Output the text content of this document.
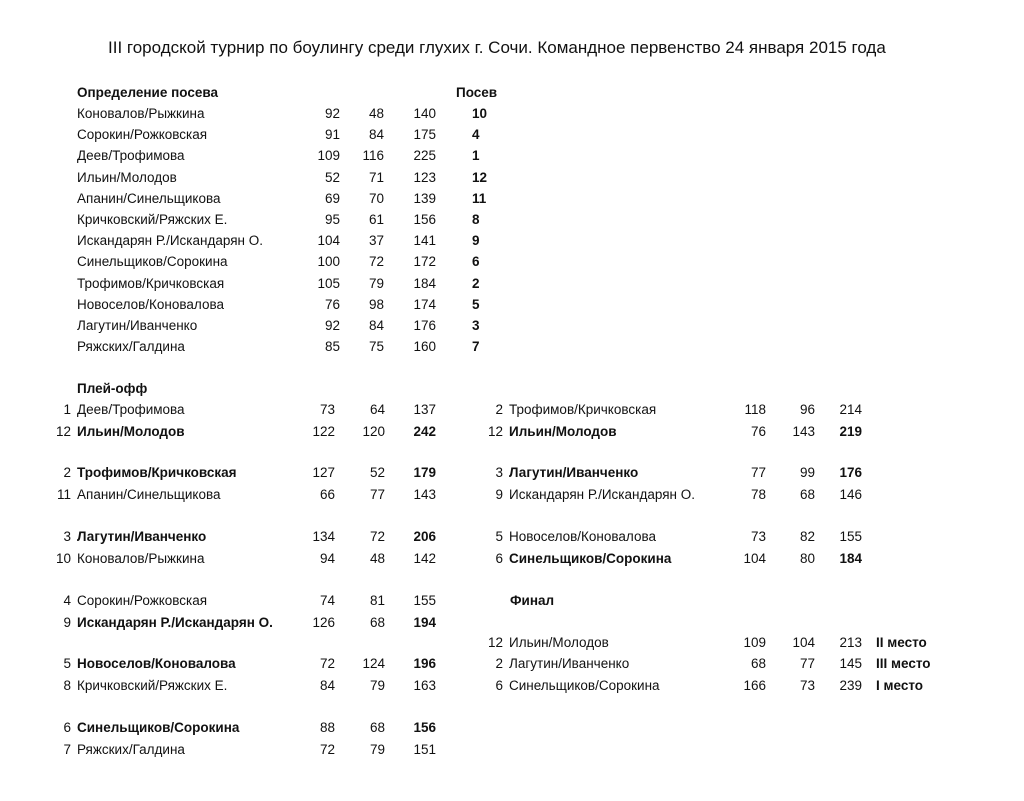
III городской турнир по боулингу среди глухих г. Сочи. Командное первенство 24 января 2015 года
Определение посева	Посев
Коновалов/Рыжкина	92	48	140	10
Сорокин/Рожковская	91	84	175	4
Деев/Трофимова	109	116	225	1
Ильин/Молодов	52	71	123	12
Апанин/Синельщикова	69	70	139	11
Кричковский/Ряжских Е.	95	61	156	8
Искандарян Р./Искандарян О.	104	37	141	9
Синельщиков/Сорокина	100	72	172	6
Трофимов/Кричковская	105	79	184	2
Новоселов/Коновалова	76	98	174	5
Лагутин/Иванченко	92	84	176	3
Ряжских/Галдина	85	75	160	7
Плей-офф
1 Деев/Трофимова	73	64	137
12 Ильин/Молодов	122	120	242
2 Трофимов/Кричковская	127	52	179
11 Апанин/Синельщикова	66	77	143
3 Лагутин/Иванченко	134	72	206
10 Коновалов/Рыжкина	94	48	142
4 Сорокин/Рожковская	74	81	155
9 Искандарян Р./Искандарян О.	126	68	194
5 Новоселов/Коновалова	72	124	196
8 Кричковский/Ряжских Е.	84	79	163
6 Синельщиков/Сорокина	88	68	156
7 Ряжских/Галдина	72	79	151
2 Трофимов/Кричковская	118	96	214
12 Ильин/Молодов	76	143	219
3 Лагутин/Иванченко	77	99	176
9 Искандарян Р./Искандарян О.	78	68	146
5 Новоселов/Коновалова	73	82	155
6 Синельщиков/Сорокина	104	80	184
Финал
12 Ильин/Молодов	109	104	213 II место
2 Лагутин/Иванченко	68	77	145 III место
6 Синельщиков/Сорокина	166	73	239 I место
